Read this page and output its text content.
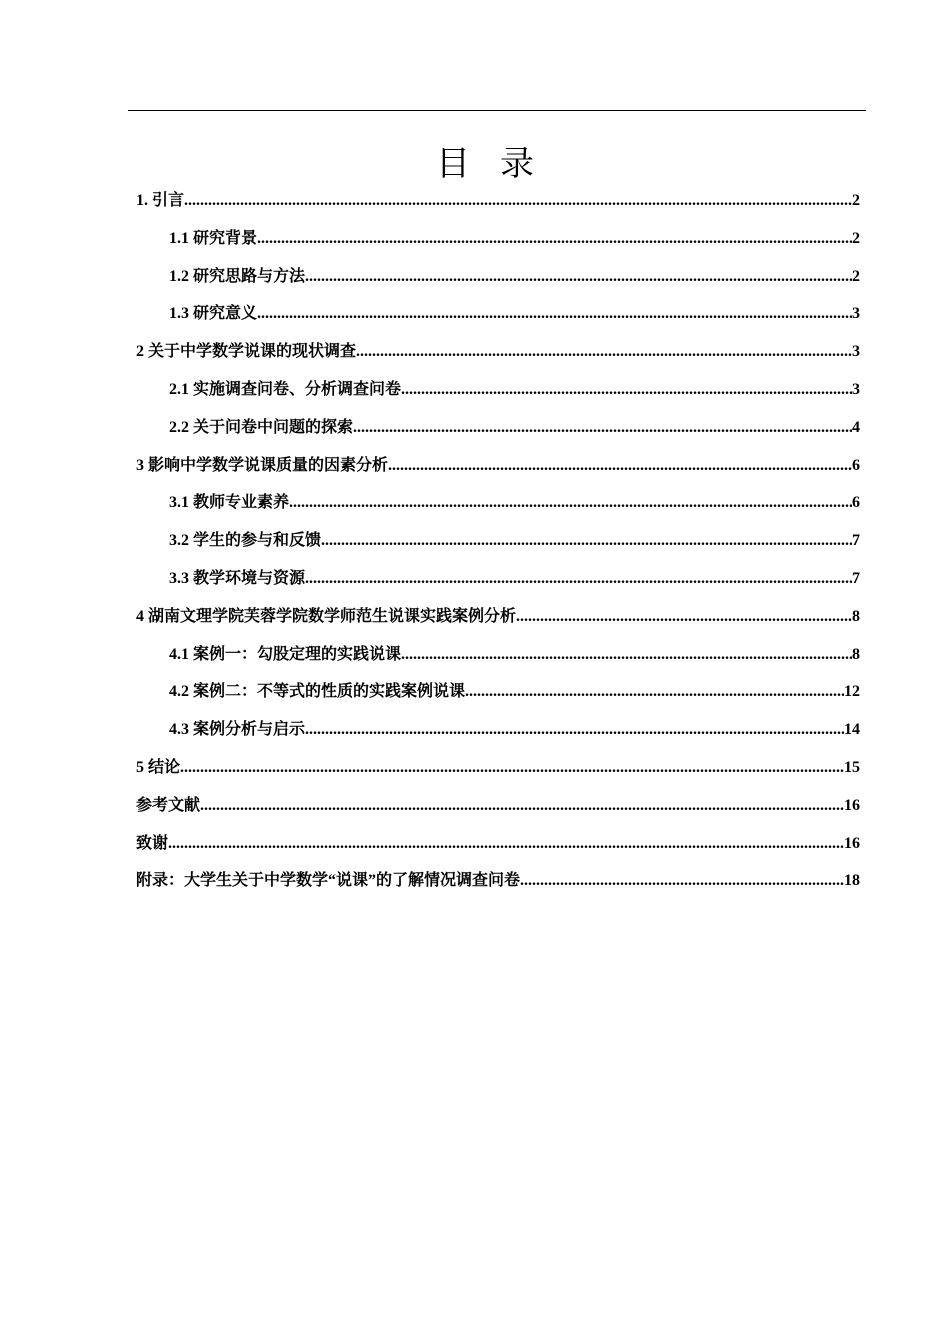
目录
1. 引言 .....	2
1.1 研究背景 .....	2
1.2 研究思路与方法 .....	2
1.3 研究意义 .....	3
2 关于中学数学说课的现状调查 .....	3
2.1 实施调查问卷、分析调查问卷 .....	3
2.2 关于问卷中问题的探索 .....	4
3 影响中学数学说课质量的因素分析 .....	6
3.1 教师专业素养 .....	6
3.2 学生的参与和反馈 .....	7
3.3 教学环境与资源 .....	7
4 湖南文理学院芙蓉学院数学师范生说课实践案例分析 .....	8
4.1 案例一：勾股定理的实践说课 .....	8
4.2 案例二：不等式的性质的实践案例说课 .....	12
4.3 案例分析与启示 .....	14
5 结论 .....	15
参考文献 .....	16
致谢 .....	16
附录：大学生关于中学数学“说课”的了解情况调查问卷 .....	18
